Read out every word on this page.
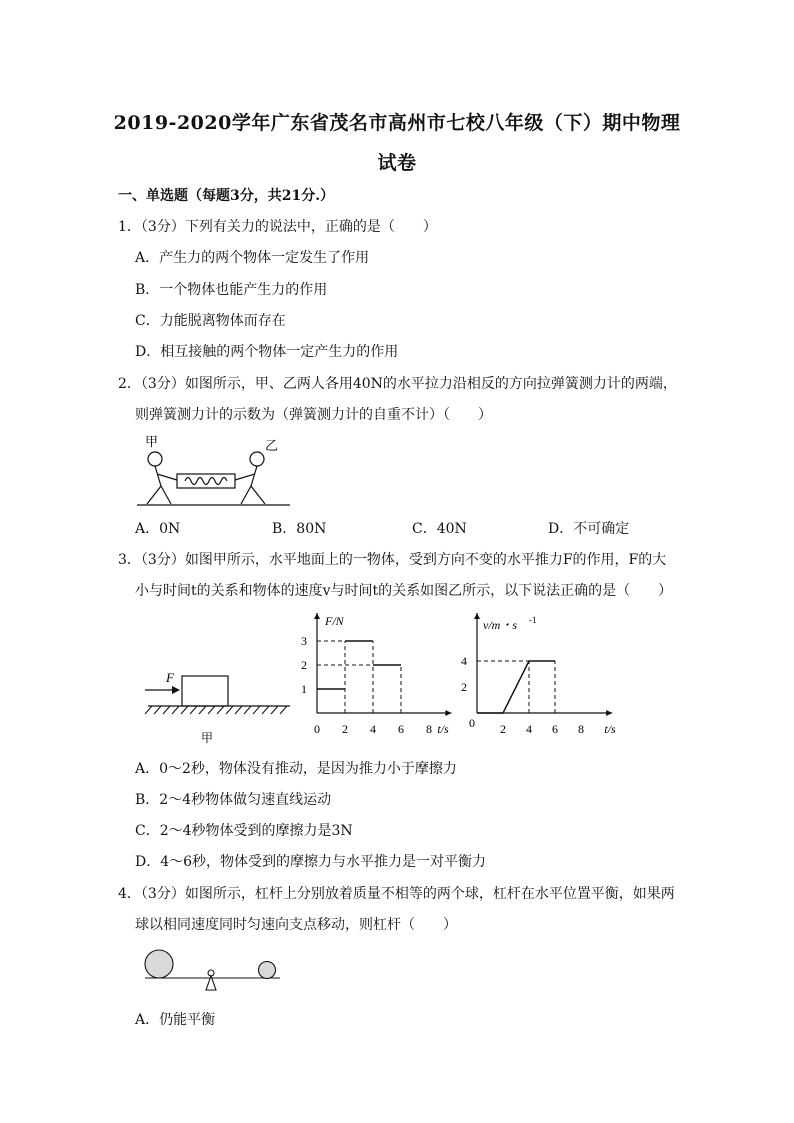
2019-2020学年广东省茂名市高州市七校八年级（下）期中物理
试卷
一、单选题（每题3分，共21分.）
1．（3分）下列有关力的说法中，正确的是（　　）
A．产生力的两个物体一定发生了作用
B．一个物体也能产生力的作用
C．力能脱离物体而存在
D．相互接触的两个物体一定产生力的作用
2．（3分）如图所示，甲、乙两人各用40N的水平拉力沿相反的方向拉弹簧测力计的两端，
则弹簧测力计的示数为（弹簧测力计的自重不计）（　　）
甲	乙
A．0N	B．80N	C．40N	D．不可确定
3．（3分）如图甲所示，水平地面上的一物体，受到方向不变的水平推力F的作用，F的大
小与时间t的关系和物体的速度v与时间t的关系如图乙所示，以下说法正确的是（　　）
F
甲
F/N
t/s
0 2 4 6 8
1
2
3
v/m・s -1
t/s
0 2 4 6 8
2
4
A．0～2秒，物体没有推动，是因为推力小于摩擦力
B．2～4秒物体做匀速直线运动
C．2～4秒物体受到的摩擦力是3N
D．4～6秒，物体受到的摩擦力与水平推力是一对平衡力
4．（3分）如图所示，杠杆上分别放着质量不相等的两个球，杠杆在水平位置平衡，如果两
球以相同速度同时匀速向支点移动，则杠杆（　　）
A．仍能平衡
